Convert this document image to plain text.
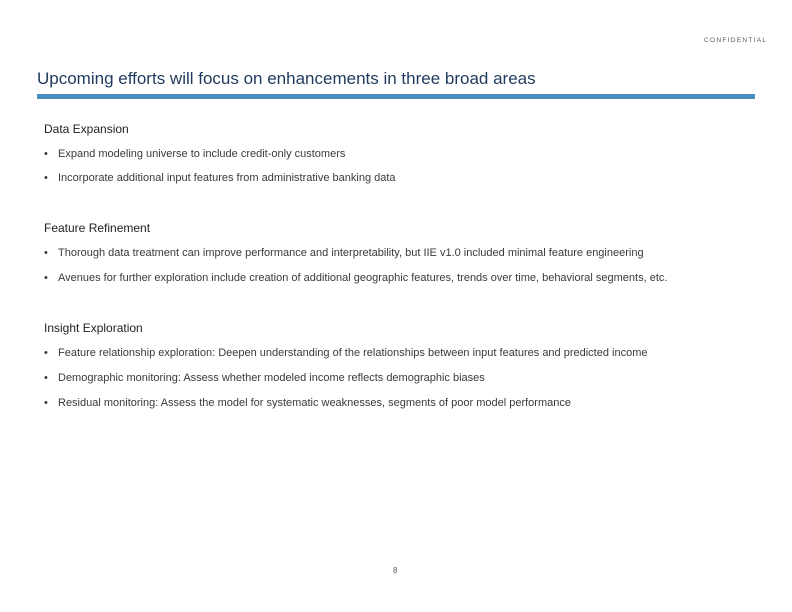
CONFIDENTIAL
Upcoming efforts will focus on enhancements in three broad areas
Data Expansion
• Expand modeling universe to include credit-only customers
• Incorporate additional input features from administrative banking data
Feature Refinement
• Thorough data treatment can improve performance and interpretability, but IIE v1.0 included minimal feature engineering
• Avenues for further exploration include creation of additional geographic features, trends over time, behavioral segments, etc.
Insight Exploration
• Feature relationship exploration: Deepen understanding of the relationships between input features and predicted income
• Demographic monitoring: Assess whether modeled income reflects demographic biases
• Residual monitoring: Assess the model for systematic weaknesses, segments of poor model performance
8
